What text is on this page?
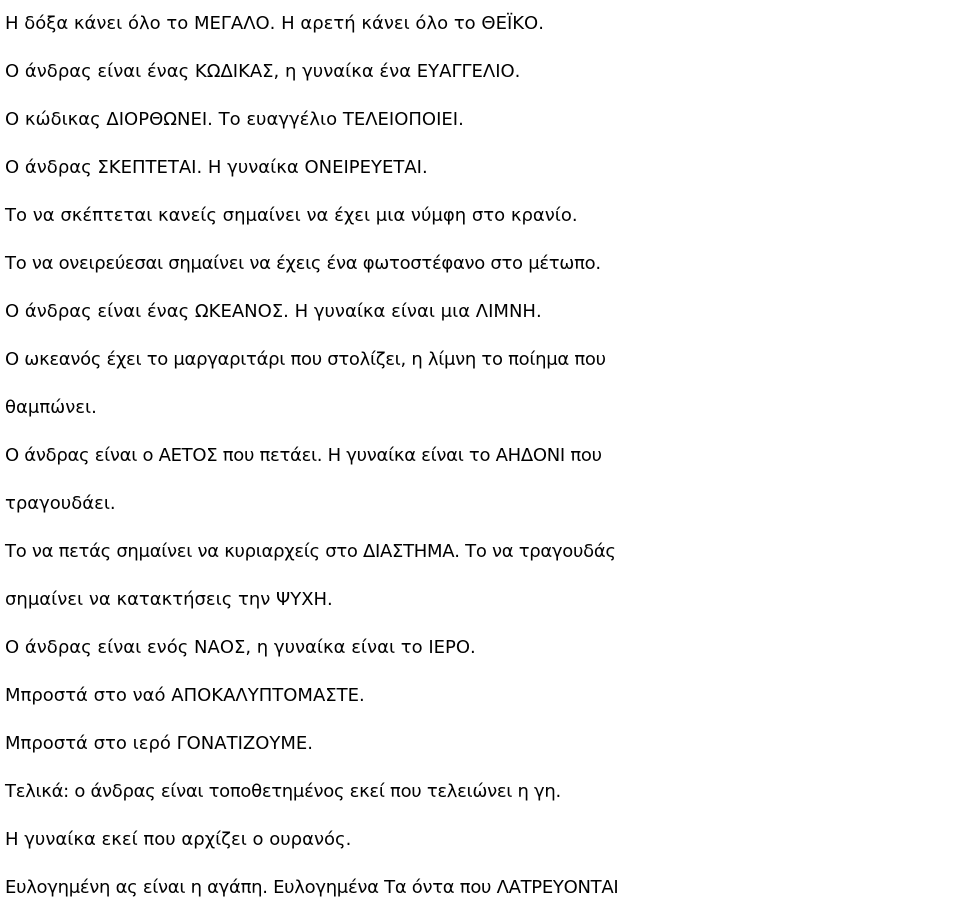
Η δόξα κάνει όλο το ΜΕΓΑΛΟ. Η αρετή κάνει όλο το ΘΕΪΚΟ.
Ο άνδρας είναι ένας ΚΩΔΙΚΑΣ, η γυναίκα ένα ΕΥΑΓΓΕΛΙΟ.
Ο κώδικας ΔΙΟΡΘΩΝΕΙ. Το ευαγγέλιο ΤΕΛΕΙΟΠΟΙΕΙ.
Ο άνδρας ΣΚΕΠΤΕΤΑΙ. Η γυναίκα ΟΝΕΙΡΕΥΕΤΑΙ.
Το να σκέπτεται κανείς σημαίνει να έχει μια νύμφη στο κρανίο.
Το να ονειρεύεσαι σημαίνει να έχεις ένα φωτοστέφανο στο μέτωπο.
Ο άνδρας είναι ένας ΩΚΕΑΝΟΣ. Η γυναίκα είναι μια ΛΙΜΝΗ.
Ο ωκεανός έχει το μαργαριτάρι που στολίζει, η λίμνη το ποίημα που
θαμπώνει.
Ο άνδρας είναι ο ΑΕΤΟΣ που πετάει. Η γυναίκα είναι το ΑΗΔΟΝΙ που
τραγουδάει.
Το να πετάς σημαίνει να κυριαρχείς στο ΔΙΑΣΤΗΜΑ. Το να τραγουδάς
σημαίνει να κατακτήσεις την ΨΥΧΗ.
Ο άνδρας είναι ενός ΝΑΟΣ, η γυναίκα είναι το ΙΕΡΟ.
Μπροστά στο ναό ΑΠΟΚΑΛΥΠΤΟΜΑΣΤΕ.
Μπροστά στο ιερό ΓΟΝΑΤΙΖΟΥΜΕ.
Τελικά: ο άνδρας είναι τοποθετημένος εκεί που τελειώνει η γη.
Η γυναίκα εκεί που αρχίζει ο ουρανός.
Ευλογημένη ας είναι η αγάπη. Ευλογημένα Τα όντα που ΛΑΤΡΕΥΟΝΤΑΙ
